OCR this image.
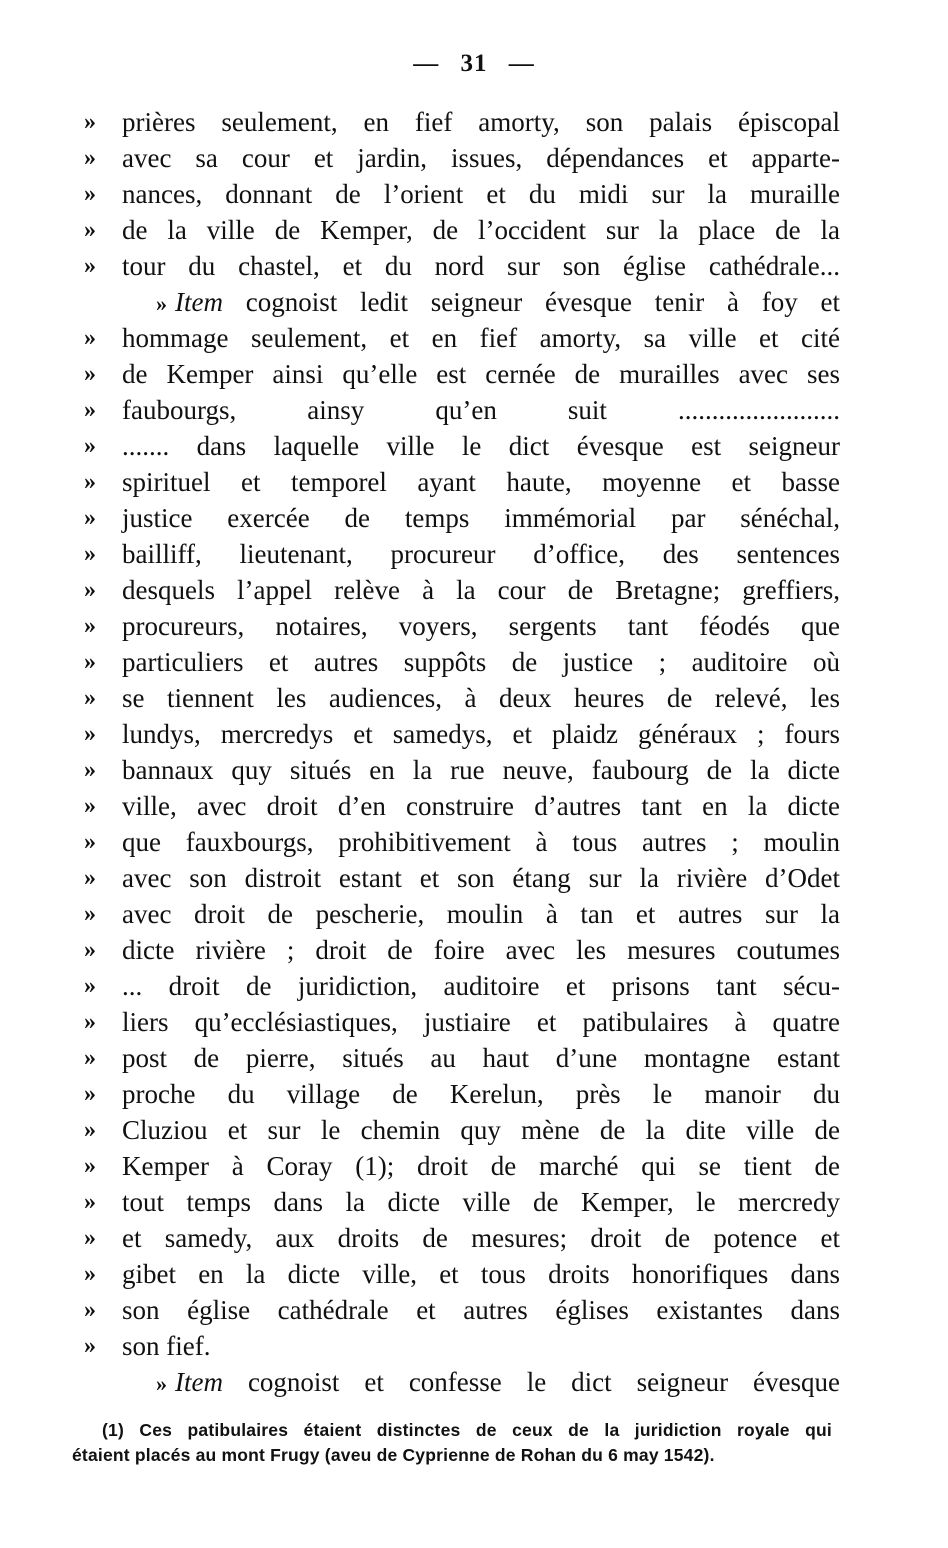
— 31 —
» prières seulement, en fief amorty, son palais épiscopal
» avec sa cour et jardin, issues, dépendances et apparte-
» nances, donnant de l’orient et du midi sur la muraille
» de la ville de Kemper, de l’occident sur la place de la
» tour du chastel, et du nord sur son église cathédrale...
» Item cognoist ledit seigneur évesque tenir à foy et
» hommage seulement, et en fief amorty, sa ville et cité
» de Kemper ainsi qu’elle est cernée de murailles avec ses
» faubourgs, ainsy qu’en suit ........................
» ....... dans laquelle ville le dict évesque est seigneur
» spirituel et temporel ayant haute, moyenne et basse
» justice exercée de temps immémorial par sénéchal,
» bailliff, lieutenant, procureur d’office, des sentences
» desquels l’appel relève à la cour de Bretagne; greffiers,
» procureurs, notaires, voyers, sergents tant féodés que
» particuliers et autres suppôts de justice ; auditoire où
» se tiennent les audiences, à deux heures de relevé, les
» lundys, mercredys et samedys, et plaidz généraux ; fours
» bannaux quy situés en la rue neuve, faubourg de la dicte
» ville, avec droit d’en construire d’autres tant en la dicte
» que fauxbourgs, prohibitivement à tous autres ; moulin
» avec son distroit estant et son étang sur la rivière d’Odet
» avec droit de pescherie, moulin à tan et autres sur la
» dicte rivière ; droit de foire avec les mesures coutumes
» ... droit de juridiction, auditoire et prisons tant sécu-
» liers qu’ecclésiastiques, justiaire et patibulaires à quatre
» post de pierre, situés au haut d’une montagne estant
» proche du village de Kerelun, près le manoir du
» Cluziou et sur le chemin quy mène de la dite ville de
» Kemper à Coray (1); droit de marché qui se tient de
» tout temps dans la dicte ville de Kemper, le mercredy
» et samedy, aux droits de mesures; droit de potence et
» gibet en la dicte ville, et tous droits honorifiques dans
» son église cathédrale et autres églises existantes dans
» son fief.
» Item cognoist et confesse le dict seigneur évesque
(1) Ces patibulaires étaient distinctes de ceux de la juridiction royale qui
étaient placés au mont Frugy (aveu de Cyprienne de Rohan du 6 may 1542).
